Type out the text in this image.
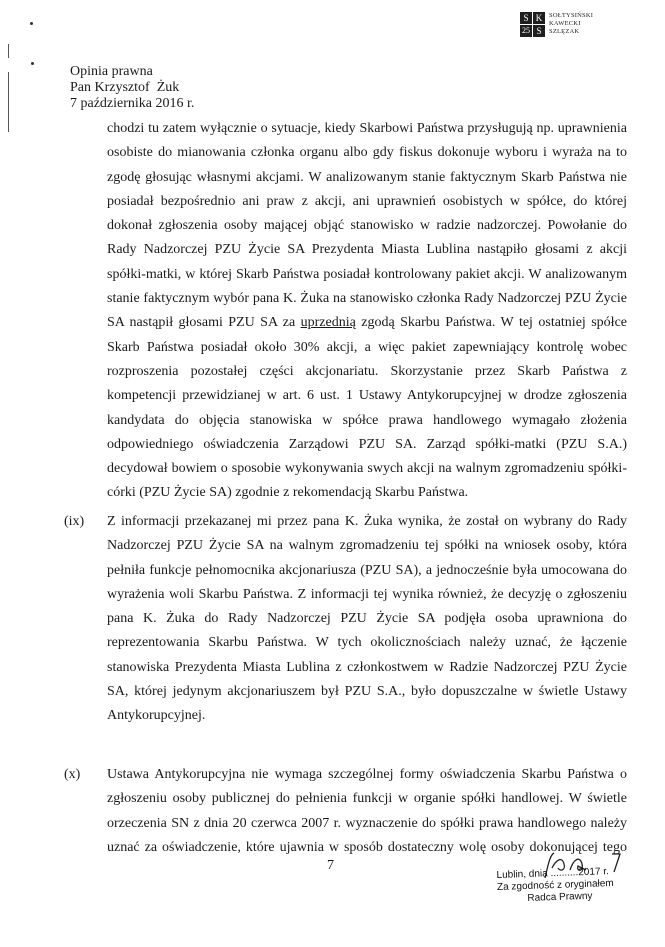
S K
25 S
SOŁTYSIŃSKI
KAWECKI
SZLĘZAK
Opinia prawna
Pan Krzysztof  Żuk
7 października 2016 r.
chodzi tu zatem wyłącznie o sytuacje, kiedy Skarbowi Państwa przysługują np. uprawnienia
osobiste do mianowania członka organu albo gdy fiskus dokonuje wyboru i wyraża na to
zgodę głosując własnymi akcjami. W analizowanym stanie faktycznym Skarb Państwa nie
posiadał bezpośrednio ani praw z akcji, ani uprawnień osobistych w spółce, do której
dokonał zgłoszenia osoby mającej objąć stanowisko w radzie nadzorczej. Powołanie do
Rady Nadzorczej PZU Życie SA Prezydenta Miasta Lublina nastąpiło głosami z akcji
spółki-matki, w której Skarb Państwa posiadał kontrolowany pakiet akcji. W analizowanym
stanie faktycznym wybór pana K. Żuka na stanowisko członka Rady Nadzorczej PZU Życie
SA nastąpił głosami PZU SA za uprzednią zgodą Skarbu Państwa. W tej ostatniej spółce
Skarb Państwa posiadał około 30% akcji, a więc pakiet zapewniający kontrolę wobec
rozproszenia pozostałej części akcjonariatu. Skorzystanie przez Skarb Państwa z
kompetencji przewidzianej w art. 6 ust. 1 Ustawy Antykorupcyjnej w drodze zgłoszenia
kandydata do objęcia stanowiska w spółce prawa handlowego wymagało złożenia
odpowiedniego oświadczenia Zarządowi PZU SA. Zarząd spółki-matki (PZU S.A.)
decydował bowiem o sposobie wykonywania swych akcji na walnym zgromadzeniu spółki-
córki (PZU Życie SA) zgodnie z rekomendacją Skarbu Państwa.
(ix) Z informacji przekazanej mi przez pana K. Żuka wynika, że został on wybrany do Rady
Nadzorczej PZU Życie SA na walnym zgromadzeniu tej spółki na wniosek osoby, która
pełniła funkcje pełnomocnika akcjonariusza (PZU SA), a jednocześnie była umocowana do
wyrażenia woli Skarbu Państwa. Z informacji tej wynika również, że decyzję o zgłoszeniu
pana K. Żuka do Rady Nadzorczej PZU Życie SA podjęła osoba uprawniona do
reprezentowania Skarbu Państwa. W tych okolicznościach należy uznać, że łączenie
stanowiska Prezydenta Miasta Lublina z członkostwem w Radzie Nadzorczej PZU Życie
SA, której jedynym akcjonariuszem był PZU S.A., było dopuszczalne w świetle Ustawy
Antykorupcyjnej.
(x) Ustawa Antykorupcyjna nie wymaga szczególnej formy oświadczenia Skarbu Państwa o
zgłoszeniu osoby publicznej do pełnienia funkcji w organie spółki handlowej. W świetle
orzeczenia SN z dnia 20 czerwca 2007 r. wyznaczenie do spółki prawa handlowego należy
uznać za oświadczenie, które ujawnia w sposób dostateczny wolę osoby dokonującej tego
7
Lublin, dnia ..........2017 r.
Za zgodność z oryginałem
Radca Prawny
